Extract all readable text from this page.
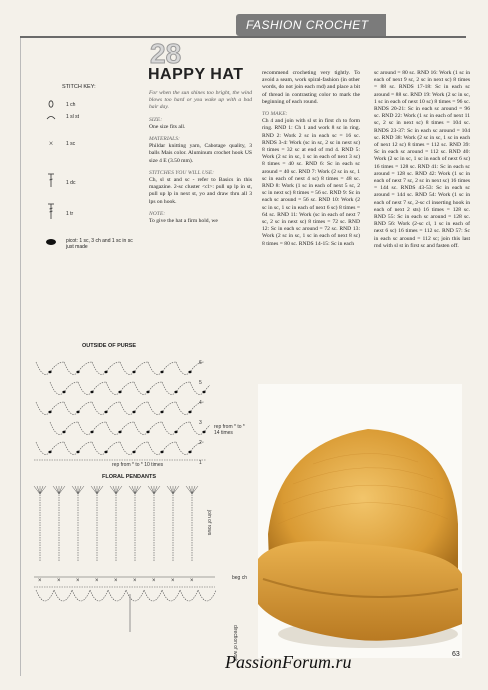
FASHION CROCHET
28
HAPPY HAT
STITCH KEY:
1 ch
1 sl st
×	1 sc
1 dc
1 tr
picot: 1 sc, 3 ch and 1 sc in sc just made

For when the sun shines too bright, the wind blows too hard or you wake up with a bad hair day.

SIZE:

One size fits all.

MATERIALS:

Phildar knitting yarn, Cabotage quality, 3 balls Mais color. Aluminum crochet hook US size 4 E (3.50 mm).

STITCHES YOU WILL USE:

Ch, sl st and sc - refer to Basics in this magazine. 2-sc cluster <cl>: pull up lp in st, pull up lp in next st, yo and draw thru all 3 lps on hook.

NOTE:

To give the hat a firm hold, we

recommend crocheting very tightly. To avoid a seam, work spiral-fashion (in other words, do not join each rnd) and place a bit of thread in contrasting color to mark the beginning of each round.

TO MAKE:

Ch 4 and join with sl st in first ch to form ring. RND 1: Ch 1 and work 8 sc in ring. RND 2: Work 2 sc in each sc = 16 sc. RNDS 3-4: Work (sc in sc, 2 sc in next sc) 8 times = 32 sc at end of rnd 4. RND 5: Work (2 sc in sc, 1 sc in each of next 3 sc) 8 times = 40 sc. RND 6: Sc in each sc around = 40 sc. RND 7: Work (2 sc in sc, 1 sc in each of next 4 sc) 8 times = 48 sc. RND 8: Work (1 sc in each of next 5 sc, 2 sc in next sc) 8 times = 56 sc. RND 9: Sc in each sc around = 56 sc. RND 10: Work (2 sc in sc, 1 sc in each of next 6 sc) 8 times = 64 sc. RND 11: Work (sc in each of next 7 sc, 2 sc in next sc) 8 times = 72 sc. RND 12: Sc in each sc around = 72 sc. RND 13: Work (2 sc in sc, 1 sc in each of next 8 sc) 8 times = 80 sc. RNDS 14-15: Sc in each

sc around = 80 sc. RND 16: Work (1 sc in each of next 9 sc, 2 sc in next sc) 8 times = 88 sc. RNDS 17-18: Sc in each sc around = 88 sc. RND 19: Work (2 sc in sc, 1 sc in each of next 10 sc) 8 times = 96 sc. RNDS 20-21: Sc in each sc around = 96 sc. RND 22: Work (1 sc in each of next 11 sc, 2 sc in next sc) 8 times = 104 sc. RNDS 23-37: Sc in each sc around = 104 sc. RND 38: Work (2 sc in sc, 1 sc in each of next 12 sc) 8 times = 112 sc. RND 39: Sc in each sc around = 112 sc. RND 40: Work (2 sc in sc, 1 sc in each of next 6 sc) 16 times = 128 sc. RND 41: Sc in each sc around = 128 sc. RND 42: Work (1 sc in each of next 7 sc, 2 sc in next sc) 16 times = 144 sc. RNDS 43-53: Sc in each sc around = 144 sc. RND 54: Work (1 sc in each of next 7 sc, 2-sc cl inserting hook in each of next 2 sts) 16 times = 128 sc. RND 55: Sc in each sc around = 128 sc. RND 56: Work (2-sc cl, 1 sc in each of next 6 sc) 16 times = 112 sc. RND 57: Sc in each sc around = 112 sc; join this last rnd with sl st in first sc and fasten off.

OUTSIDE OF PURSE
6
5
4
3
2
1
rep from * to * 14 times
rep from * to * 10 times
FLORAL PENDANTS
×	×	×	×	×	×	×	×	×
join of rows
beg ch
direction of work	63
PassionForum.ru
